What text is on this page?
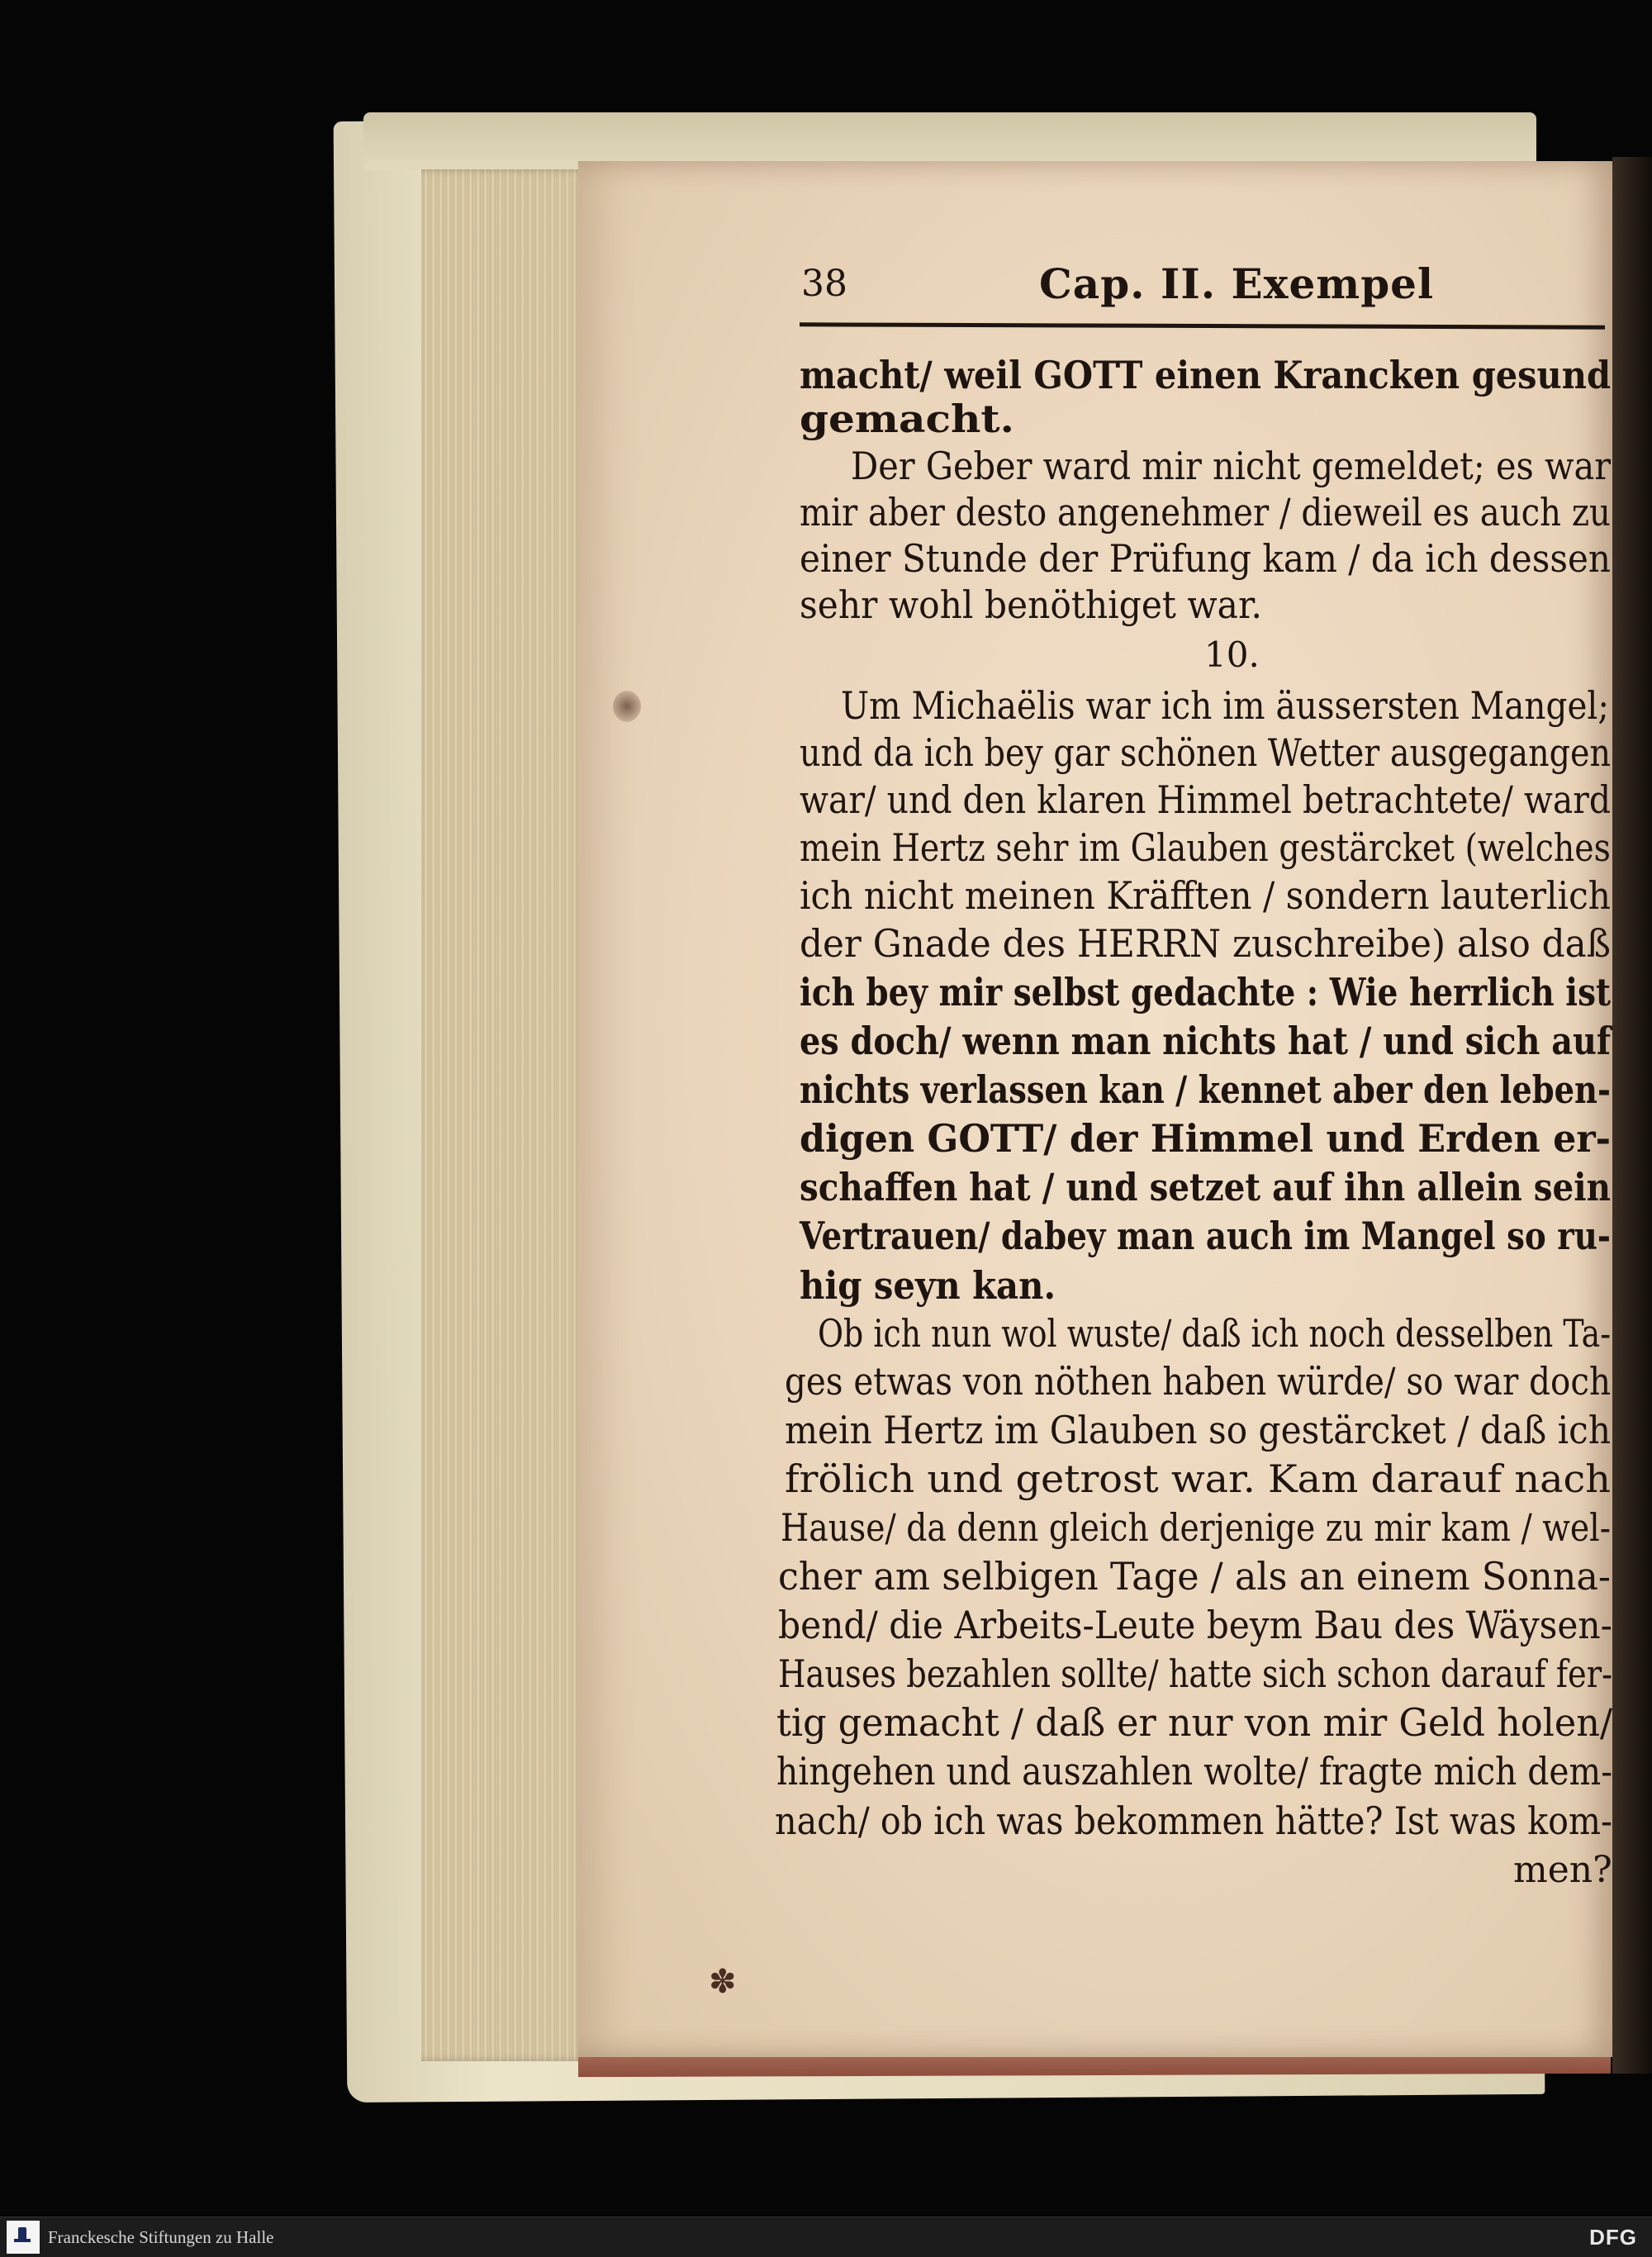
✽
38	Cap. II. Exempel
10.
macht/ weil GOTT einen Krancken gesund
gemacht.
Der Geber ward mir nicht gemeldet; es war
mir aber desto angenehmer / dieweil es auch zu
einer Stunde der Prüfung kam / da ich dessen
sehr wohl benöthiget war.
Um Michaëlis war ich im äussersten Mangel;
und da ich bey gar schönen Wetter ausgegangen
war/ und den klaren Himmel betrachtete/ ward
mein Hertz sehr im Glauben gestärcket (welches
ich nicht meinen Kräfften / sondern lauterlich
der Gnade des HERRN zuschreibe) also daß
ich bey mir selbst gedachte : Wie herrlich ist
es doch/ wenn man nichts hat / und sich auf
nichts verlassen kan / kennet aber den leben-
digen GOTT/ der Himmel und Erden er-
schaffen hat / und setzet auf ihn allein sein
Vertrauen/ dabey man auch im Mangel so ru-
hig seyn kan.
Ob ich nun wol wuste/ daß ich noch desselben Ta-
ges etwas von nöthen haben würde/ so war doch
mein Hertz im Glauben so gestärcket / daß ich
frölich und getrost war. Kam darauf nach
Hause/ da denn gleich derjenige zu mir kam / wel-
cher am selbigen Tage / als an einem Sonna-
bend/ die Arbeits-Leute beym Bau des Wäysen-
Hauses bezahlen sollte/ hatte sich schon darauf fer-
tig gemacht / daß er nur von mir Geld holen/
hingehen und auszahlen wolte/ fragte mich dem-
nach/ ob ich was bekommen hätte? Ist was kom-
men?
Franckesche Stiftungen zu Halle	DFG
